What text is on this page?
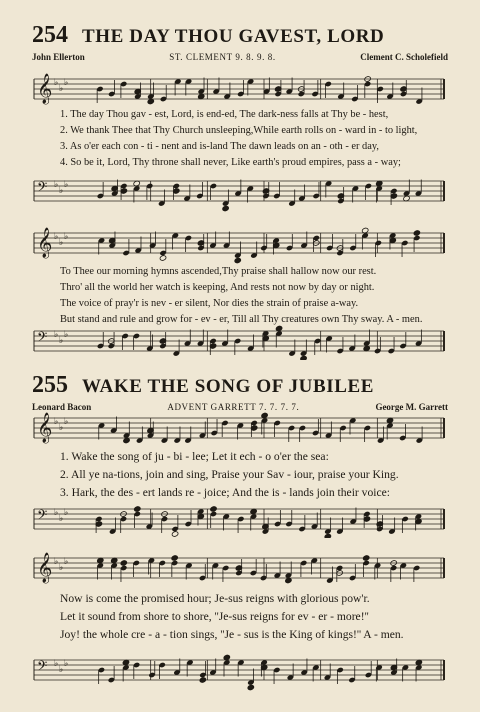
254 THE DAY THOU GAVEST, LORD
John Ellerton	ST. CLEMENT 9. 8. 9. 8.	Clement C. Scholefield
𝄞 ♭
♭
♭
1. The day Thou gav - est, Lord, is end-ed, The dark-ness falls at Thy be - hest,
2. We thank Thee that Thy Church unsleeping,While earth rolls on - ward in - to light,
3. As o'er each con - ti - nent and is-land The dawn leads on an - oth - er day,
4. So be it, Lord, Thy throne shall never, Like earth's proud empires, pass a - way;
𝄢 ♭
♭
♭
𝄞 ♭
♭
♭
To Thee our morning hymns ascended,Thy praise shall hallow now our rest.
Thro' all the world her watch is keeping, And rests not now by day or night.
The voice of pray'r is nev - er silent, Nor dies the strain of praise a-way.
But stand and rule and grow for - ev - er, Till all Thy creatures own Thy sway. A - men.
𝄢 ♭
♭
♭
255 WAKE THE SONG OF JUBILEE
Leonard Bacon	ADVENT GARRETT 7. 7. 7. 7.	George M. Garrett
𝄞 ♭
♭
♭
1. Wake the song of ju - bi - lee; Let it ech - o o'er the sea:
2. All ye na-tions, join and sing, Praise your Sav - iour, praise your King.
3. Hark, the des - ert lands re - joice; And the is - lands join their voice:
𝄢 ♭
♭
♭
𝄞 ♭
♭
♭
Now is come the promised hour; Je-sus reigns with glorious pow'r.
Let it sound from shore to shore, ''Je-sus reigns for ev - er - more!''
Joy! the whole cre - a - tion sings, ''Je - sus is the King of kings!'' A - men.
𝄢 ♭
♭
♭
